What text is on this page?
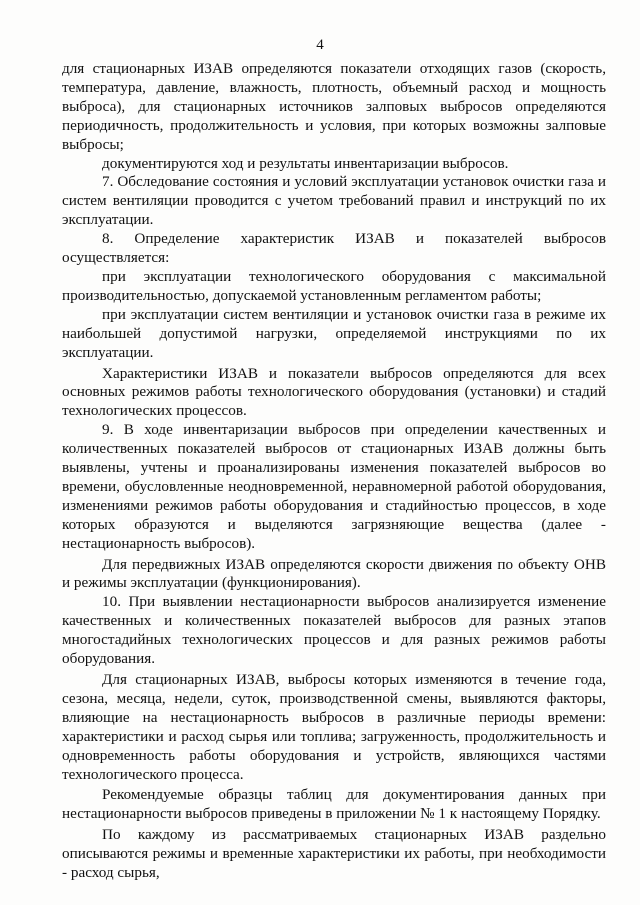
4

для стационарных ИЗАВ определяются показатели отходящих газов (скорость, температура, давление, влажность, плотность, объемный расход и мощность выброса), для стационарных источников залповых выбросов определяются периодичность, продолжительность и условия, при которых возможны залповые выбросы;

документируются ход и результаты инвентаризации выбросов.

7. Обследование состояния и условий эксплуатации установок очистки газа и систем вентиляции проводится с учетом требований правил и инструкций по их эксплуатации.

8. Определение характеристик ИЗАВ и показателей выбросов осуществляется:

при эксплуатации технологического оборудования с максимальной производительностью, допускаемой установленным регламентом работы;

при эксплуатации систем вентиляции и установок очистки газа в режиме их наибольшей допустимой нагрузки, определяемой инструкциями по их эксплуатации.

Характеристики ИЗАВ и показатели выбросов определяются для всех основных режимов работы технологического оборудования (установки) и стадий технологических процессов.

9. В ходе инвентаризации выбросов при определении качественных и количественных показателей выбросов от стационарных ИЗАВ должны быть выявлены, учтены и проанализированы изменения показателей выбросов во времени, обусловленные неодновременной, неравномерной работой оборудования, изменениями режимов работы оборудования и стадийностью процессов, в ходе которых образуются и выделяются загрязняющие вещества (далее - нестационарность выбросов).

Для передвижных ИЗАВ определяются скорости движения по объекту ОНВ и режимы эксплуатации (функционирования).

10. При выявлении нестационарности выбросов анализируется изменение качественных и количественных показателей выбросов для разных этапов многостадийных технологических процессов и для разных режимов работы оборудования.

Для стационарных ИЗАВ, выбросы которых изменяются в течение года, сезона, месяца, недели, суток, производственной смены, выявляются факторы, влияющие на нестационарность выбросов в различные периоды времени: характеристики и расход сырья или топлива; загруженность, продолжительность и одновременность работы оборудования и устройств, являющихся частями технологического процесса.

Рекомендуемые образцы таблиц для документирования данных при нестационарности выбросов приведены в приложении № 1 к настоящему Порядку.

По каждому из рассматриваемых стационарных ИЗАВ раздельно описываются режимы и временные характеристики их работы, при необходимости - расход сырья,
